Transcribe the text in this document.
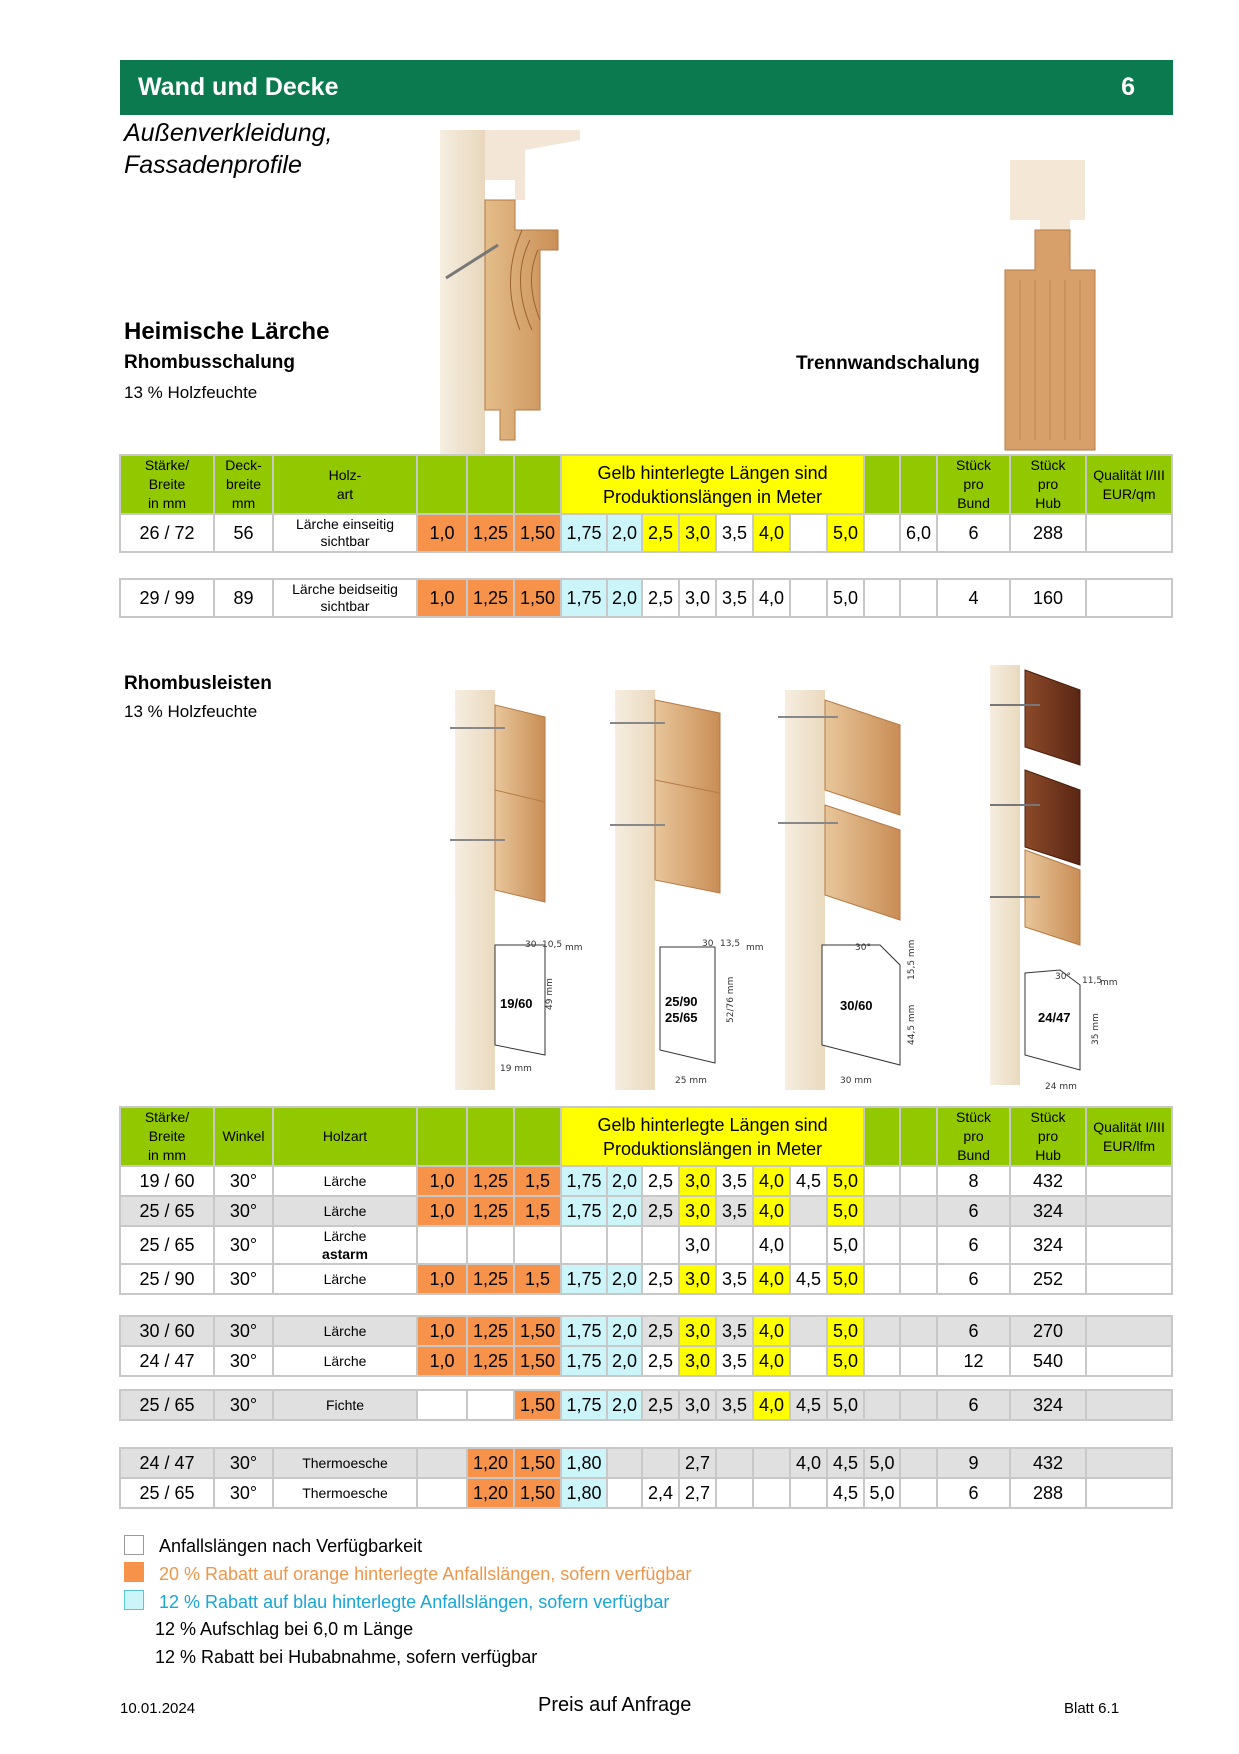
Wand und Decke	6
Außenverkleidung,
Fassadenprofile
Heimische Lärche
Rhombusschalung
13 % Holzfeuchte
Trennwandschalung
Stärke/
Breite
in mm	Deck-
breite
mm	Holz-
art				Gelb hinterlegte Längen sind
Produktionslängen in Meter										Stück
pro
Bund	Stück
pro
Hub	Qualität I/III
EUR/qm
26 / 72	56	Lärche einseitig
sichtbar	1,0	1,25	1,50	1,75	2,0	2,5	3,0	3,5	4,0		5,0		6,0	6	288	
29 / 99	89	Lärche beidseitig
sichtbar	1,0	1,25	1,50	1,75	2,0	2,5	3,0	3,5	4,0		5,0			4	160	
Rhombusleisten
13 % Holzfeuchte
19/60
30 10,5 mm
49 mm
19 mm
25/90 25/65
30 13,5 mm
52/76 mm
25 mm
30/60
30°	15,5 mm
44,5 mm
30 mm
24/47
30° 11,5
mm
35 mm
24 mm
Stärke/
Breite
in mm	Winkel	Holzart				Gelb hinterlegte Längen sind
Produktionslängen in Meter										Stück
pro
Bund	Stück
pro
Hub	Qualität I/III
EUR/lfm
19 / 60	30°	Lärche	1,0	1,25	1,5	1,75	2,0	2,5	3,0	3,5	4,0	4,5	5,0			8	432	
25 / 65	30°	Lärche	1,0	1,25	1,5	1,75	2,0	2,5	3,0	3,5	4,0		5,0			6	324	
25 / 65	30°	Lärche
astarm							3,0		4,0		5,0			6	324	
25 / 90	30°	Lärche	1,0	1,25	1,5	1,75	2,0	2,5	3,0	3,5	4,0	4,5	5,0			6	252	
30 / 60	30°	Lärche	1,0	1,25	1,50	1,75	2,0	2,5	3,0	3,5	4,0		5,0			6	270	
24 / 47	30°	Lärche	1,0	1,25	1,50	1,75	2,0	2,5	3,0	3,5	4,0		5,0			12	540	
25 / 65	30°	Fichte			1,50	1,75	2,0	2,5	3,0	3,5	4,0	4,5	5,0			6	324	
24 / 47	30°	Thermoesche		1,20	1,50	1,80			2,7			4,0	4,5	5,0		9	432	
25 / 65	30°	Thermoesche		1,20	1,50	1,80		2,4	2,7				4,5	5,0		6	288	
Anfallslängen nach Verfügbarkeit
20 % Rabatt auf orange hinterlegte Anfallslängen, sofern verfügbar
12 % Rabatt auf blau hinterlegte Anfallslängen, sofern verfügbar
12 % Aufschlag bei 6,0 m Länge
12 % Rabatt bei Hubabnahme, sofern verfügbar
10.01.2024	Preis auf Anfrage	Blatt 6.1
